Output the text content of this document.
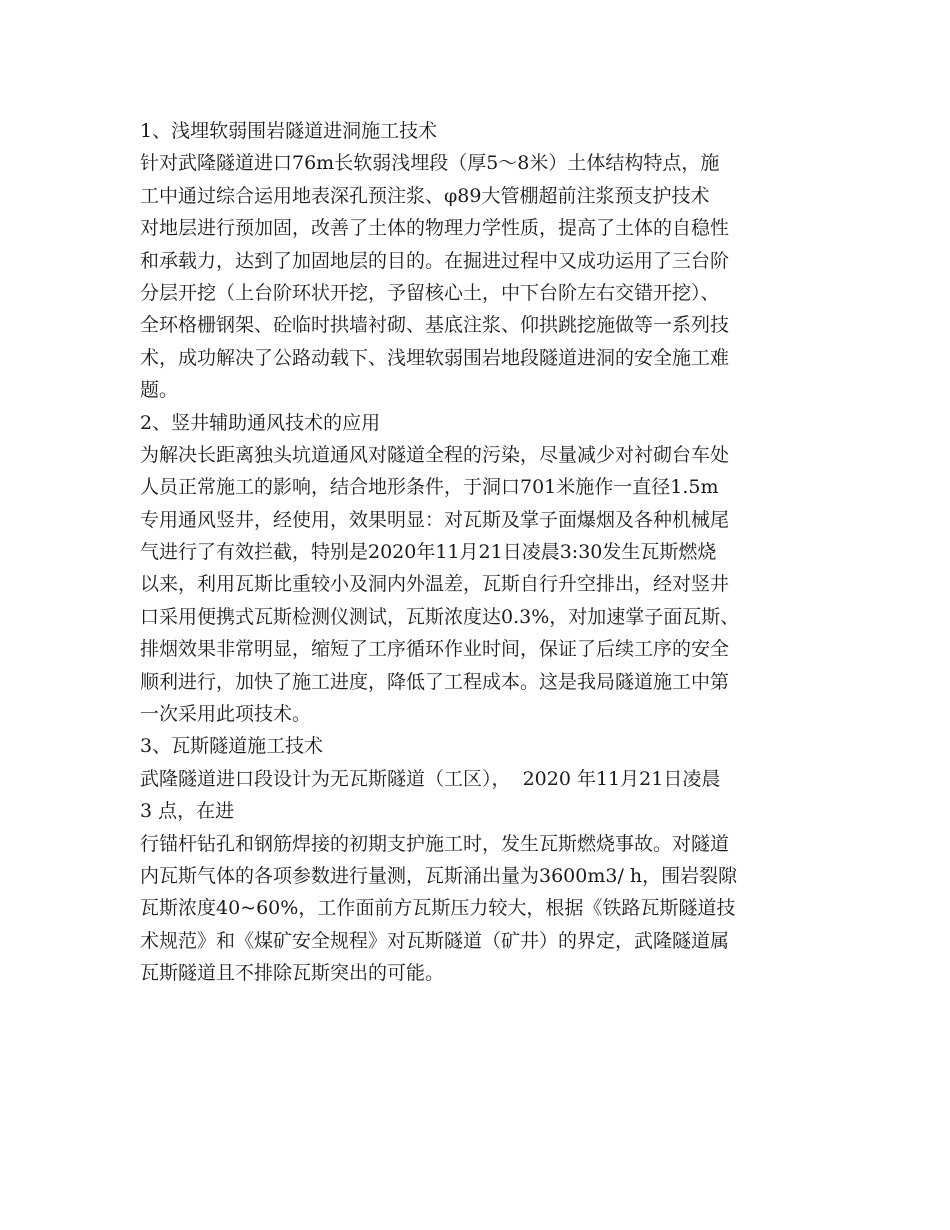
1、浅埋软弱围岩隧道进洞施工技术
针对武隆隧道进口76m长软弱浅埋段（厚5～8米）土体结构特点，施
工中通过综合运用地表深孔预注浆、φ89大管棚超前注浆预支护技术
对地层进行预加固，改善了土体的物理力学性质，提高了土体的自稳性
和承载力，达到了加固地层的目的。在掘进过程中又成功运用了三台阶
分层开挖（上台阶环状开挖，予留核心土，中下台阶左右交错开挖）、
全环格栅钢架、砼临时拱墙衬砌、基底注浆、仰拱跳挖施做等一系列技
术，成功解决了公路动载下、浅埋软弱围岩地段隧道进洞的安全施工难
题。
2、竖井辅助通风技术的应用
为解决长距离独头坑道通风对隧道全程的污染，尽量减少对衬砌台车处
人员正常施工的影响，结合地形条件，于洞口701米施作一直径1.5m
专用通风竖井，经使用，效果明显：对瓦斯及掌子面爆烟及各种机械尾
气进行了有效拦截，特别是2020年11月21日凌晨3:30发生瓦斯燃烧
以来，利用瓦斯比重较小及洞内外温差，瓦斯自行升空排出，经对竖井
口采用便携式瓦斯检测仪测试，瓦斯浓度达0.3%，对加速掌子面瓦斯、
排烟效果非常明显，缩短了工序循环作业时间，保证了后续工序的安全
顺利进行，加快了施工进度，降低了工程成本。这是我局隧道施工中第
一次采用此项技术。
3、瓦斯隧道施工技术
武隆隧道进口段设计为无瓦斯隧道（工区），  2020 年11月21日凌晨
3 点，在进
行锚杆钻孔和钢筋焊接的初期支护施工时，发生瓦斯燃烧事故。对隧道
内瓦斯气体的各项参数进行量测，瓦斯涌出量为3600m3/ h，围岩裂隙
瓦斯浓度40~60%，工作面前方瓦斯压力较大，根据《铁路瓦斯隧道技
术规范》和《煤矿安全规程》对瓦斯隧道（矿井）的界定，武隆隧道属
瓦斯隧道且不排除瓦斯突出的可能。
